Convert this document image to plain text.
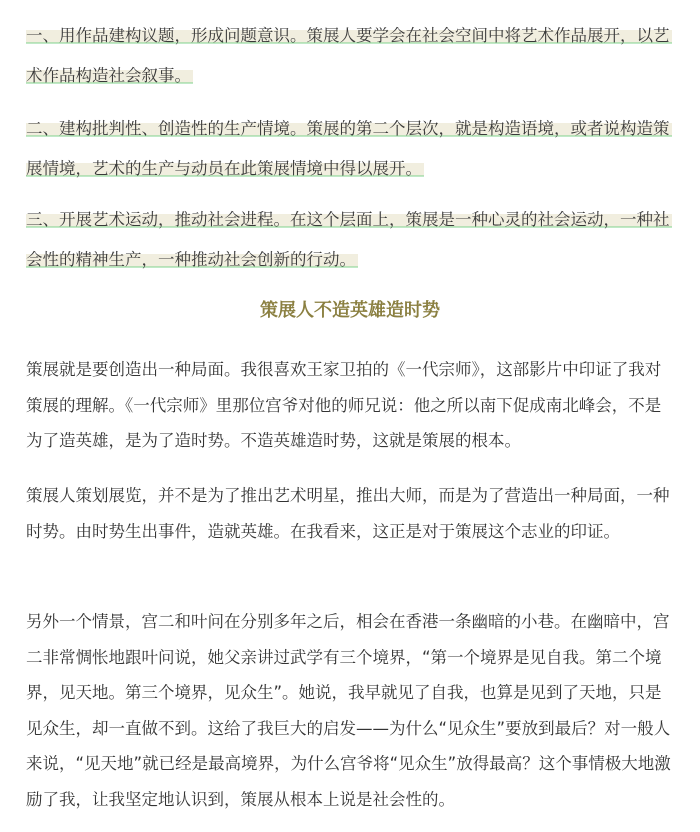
一、用作品建构议题，形成问题意识。策展人要学会在社会空间中将艺术作品展开，以艺术作品构造社会叙事。

二、建构批判性、创造性的生产情境。策展的第二个层次，就是构造语境，或者说构造策展情境，艺术的生产与动员在此策展情境中得以展开。

三、开展艺术运动，推动社会进程。在这个层面上，策展是一种心灵的社会运动，一种社会性的精神生产，一种推动社会创新的行动。

策展人不造英雄造时势

策展就是要创造出一种局面。我很喜欢王家卫拍的《一代宗师》，这部影片中印证了我对策展的理解。《一代宗师》里那位宫爷对他的师兄说：他之所以南下促成南北峰会，不是为了造英雄，是为了造时势。不造英雄造时势，这就是策展的根本。

策展人策划展览，并不是为了推出艺术明星，推出大师，而是为了营造出一种局面，一种时势。由时势生出事件，造就英雄。在我看来，这正是对于策展这个志业的印证。

另外一个情景，宫二和叶问在分别多年之后，相会在香港一条幽暗的小巷。在幽暗中，宫二非常惆怅地跟叶问说，她父亲讲过武学有三个境界，“第一个境界是见自我。第二个境界，见天地。第三个境界，见众生”。她说，我早就见了自我，也算是见到了天地，只是见众生，却一直做不到。这给了我巨大的启发——为什么“见众生”要放到最后？对一般人来说，“见天地”就已经是最高境界，为什么宫爷将“见众生”放得最高？这个事情极大地激励了我，让我坚定地认识到，策展从根本上说是社会性的。
